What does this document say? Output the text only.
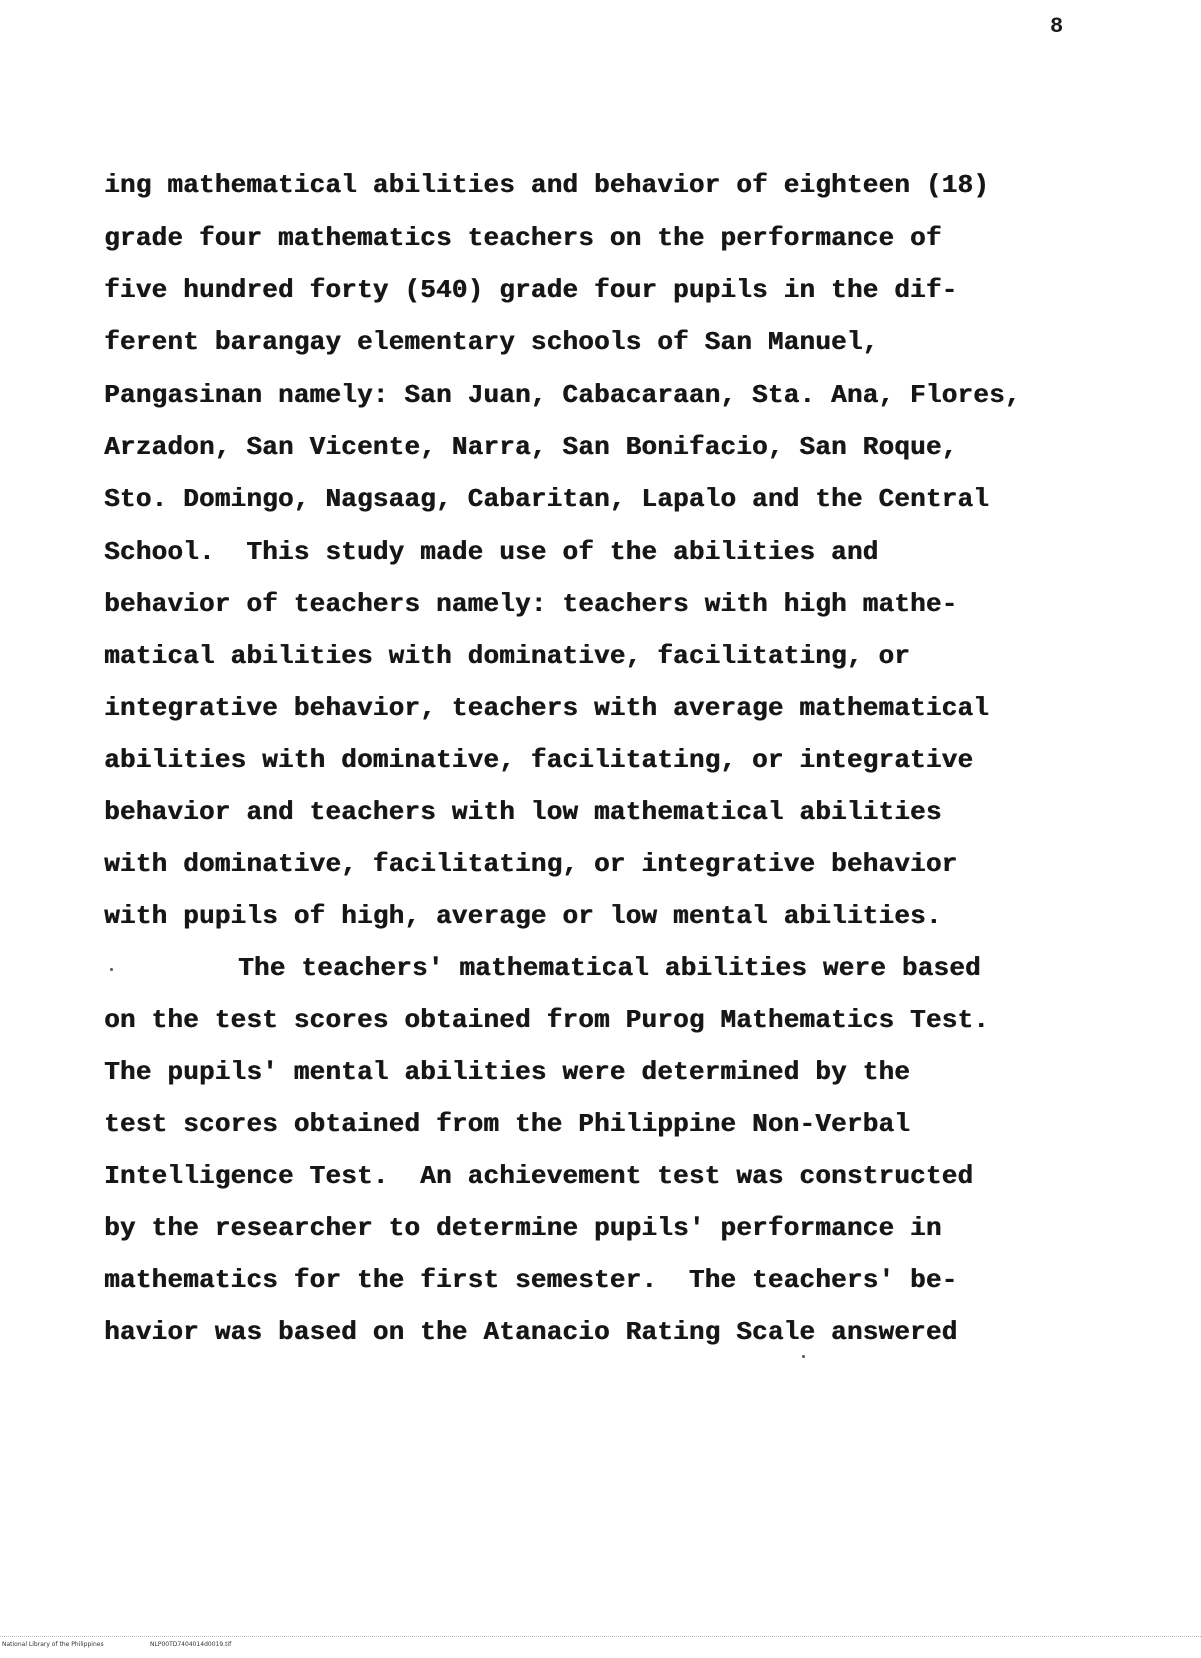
8
ing mathematical abilities and behavior of eighteen (18)
grade four mathematics teachers on the performance of
five hundred forty (540) grade four pupils in the dif-
ferent barangay elementary schools of San Manuel,
Pangasinan namely: San Juan, Cabacaraan, Sta. Ana, Flores,
Arzadon, San Vicente, Narra, San Bonifacio, San Roque,
Sto. Domingo, Nagsaag, Cabaritan, Lapalo and the Central
School.  This study made use of the abilities and
behavior of teachers namely: teachers with high mathe-
matical abilities with dominative, facilitating, or
integrative behavior, teachers with average mathematical
abilities with dominative, facilitating, or integrative
behavior and teachers with low mathematical abilities
with dominative, facilitating, or integrative behavior
with pupils of high, average or low mental abilities.
The teachers' mathematical abilities were based
on the test scores obtained from Purog Mathematics Test.
The pupils' mental abilities were determined by the
test scores obtained from the Philippine Non-Verbal
Intelligence Test.  An achievement test was constructed
by the researcher to determine pupils' performance in
mathematics for the first semester.  The teachers' be-
havior was based on the Atanacio Rating Scale answered
National Library of the Philippines	NLP00TD7404014d0019.tif
